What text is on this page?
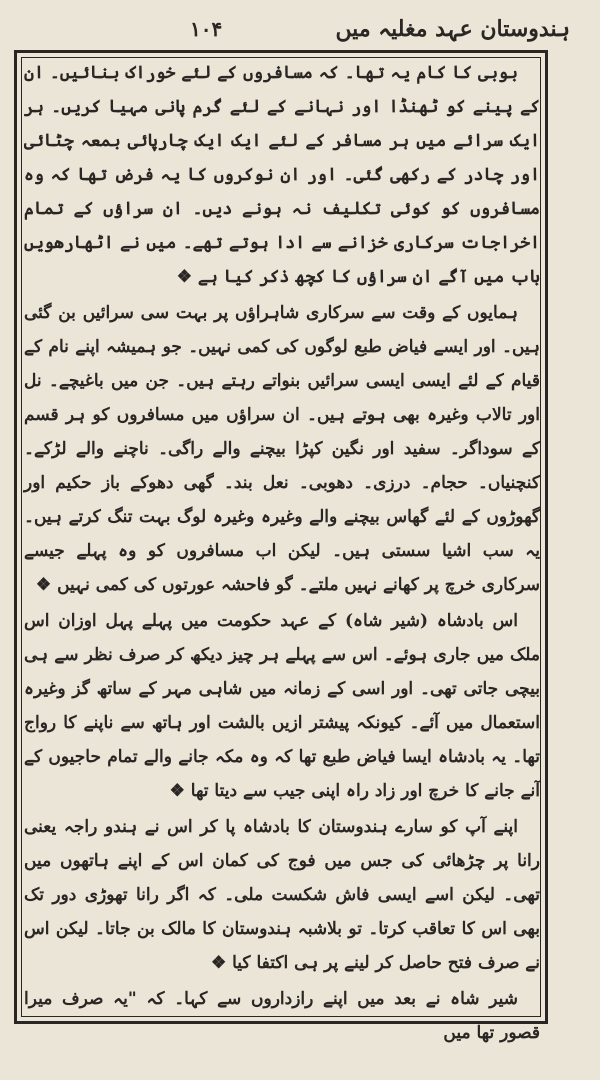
ہندوستان عہد مغلیہ میں
۱۰۴

بوبی کا کام یہ تھا۔ کہ مسافروں کے لئے خوراک بنائیں۔ ان کے پینے کو ٹھنڈا اور نہانے کے لئے گرم پانی مہیا کریں۔ ہر ایک سرائے میں ہر مسافر کے لئے ایک ایک چارپائی بمعہ چٹائی اور چادر کے رکھی گئی۔ اور ان نوکروں کا یہ فرض تھا کہ وہ مسافروں کو کوئی تکلیف نہ ہونے دیں۔ ان سراؤں کے تمام اخراجات سرکاری خزانے سے ادا ہوتے تھے۔ میں نے اٹھارھویں باب میں آگے ان سراؤں کا کچھ ذکر کیا ہے ❖

ہمایوں کے وقت سے سرکاری شاہراؤں پر بہت سی سرائیں بن گئی ہیں۔ اور ایسے فیاض طبع لوگوں کی کمی نہیں۔ جو ہمیشہ اپنے نام کے قیام کے لئے ایسی ایسی سرائیں بنواتے رہتے ہیں۔ جن میں باغیچے۔ نل اور تالاب وغیرہ بھی ہوتے ہیں۔ ان سراؤں میں مسافروں کو ہر قسم کے سوداگر۔ سفید اور نگین کپڑا بیچنے والے راگی۔ ناچنے والے لڑکے۔ کنچنیاں۔ حجام۔ درزی۔ دھوبی۔ نعل بند۔ گھی دھوکے باز حکیم اور گھوڑوں کے لئے گھاس بیچنے والے وغیرہ وغیرہ لوگ بہت تنگ کرتے ہیں۔ یہ سب اشیا سستی ہیں۔ لیکن اب مسافروں کو وہ پہلے جیسے سرکاری خرچ پر کھانے نہیں ملتے۔ گو فاحشہ عورتوں کی کمی نہیں ❖

اس بادشاہ (شیر شاہ) کے عہد حکومت میں پہلے پہل اوزان اس ملک میں جاری ہوئے۔ اس سے پہلے ہر چیز دیکھ کر صرف نظر سے ہی بیچی جاتی تھی۔ اور اسی کے زمانہ میں شاہی مہر کے ساتھ گز وغیرہ استعمال میں آئے۔ کیونکہ پیشتر ازیں بالشت اور ہاتھ سے ناپنے کا رواج تھا۔ یہ بادشاہ ایسا فیاض طبع تھا کہ وہ مکہ جانے والے تمام حاجیوں کے آنے جانے کا خرچ اور زاد راہ اپنی جیب سے دیتا تھا ❖

اپنے آپ کو سارے ہندوستان کا بادشاہ پا کر اس نے ہندو راجہ یعنی رانا پر چڑھائی کی جس میں فوج کی کمان اس کے اپنے ہاتھوں میں تھی۔ لیکن اسے ایسی فاش شکست ملی۔ کہ اگر رانا تھوڑی دور تک بھی اس کا تعاقب کرتا۔ تو بلاشبہ ہندوستان کا مالک بن جاتا۔ لیکن اس نے صرف فتح حاصل کر لینے پر ہی اکتفا کیا ❖

شیر شاہ نے بعد میں اپنے رازداروں سے کہا۔ کہ "یہ صرف میرا قصور تھا میں
